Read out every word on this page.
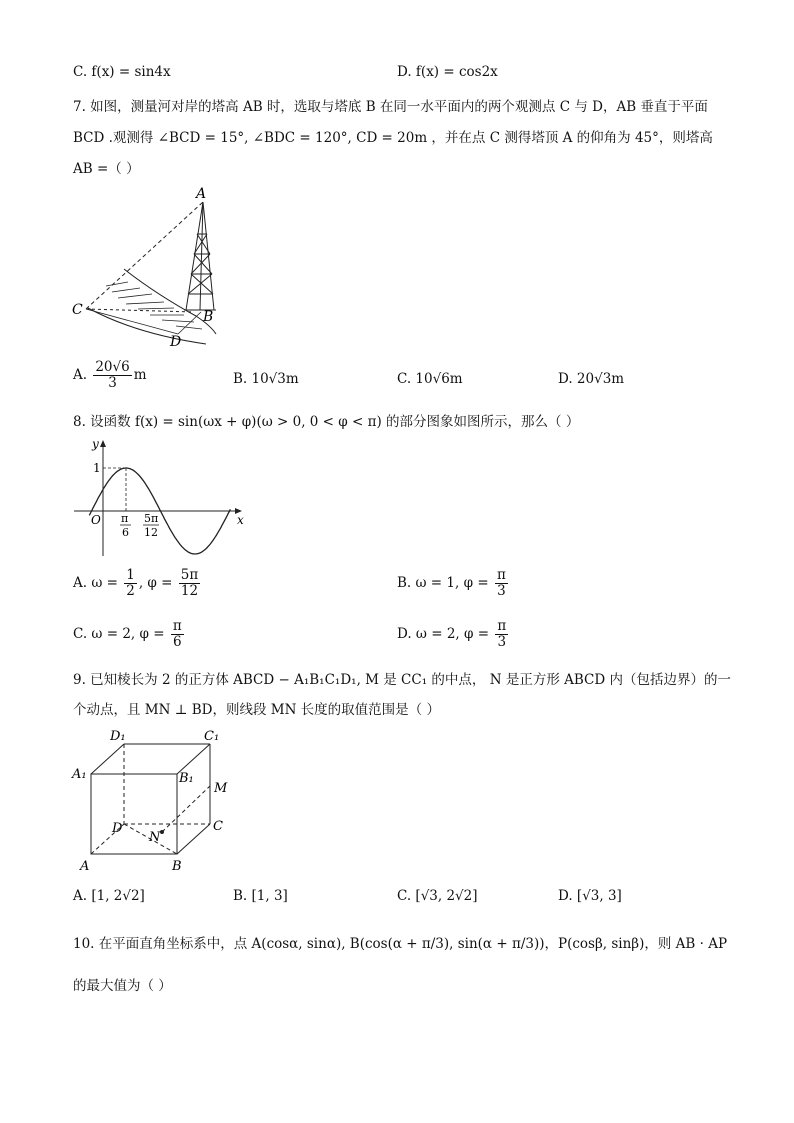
C. f(x) = sin4x	D. f(x) = cos2x
7. 如图，测量河对岸的塔高 AB 时，选取与塔底 B 在同一水平面内的两个观测点 C 与 D，AB 垂直于平面
BCD .观测得 ∠BCD = 15°, ∠BDC = 120°, CD = 20m ，并在点 C 测得塔顶 A 的仰角为 45°，则塔高
AB =（ ）
A
B
C
D
A. $\frac{20√6}{3}$ m	B. 10√3m	C. 10√6m	D. 20√3m
8. 设函数 f(x) = sin(ωx + φ)(ω > 0, 0 < φ < π) 的部分图象如图所示，那么（ ）
y
x
O
1
π
6
5π
12
A. $\omega = \frac{1}{2}$ , $\varphi = \frac{5\pi}{12}$	B. ω = 1, $\varphi = \frac{\pi}{3}$
C. ω = 2, $\varphi = \frac{\pi}{6}$	D. ω = 2, $\varphi = \frac{\pi}{3}$
9. 已知棱长为 2 的正方体 ABCD − A₁B₁C₁D₁, M 是 CC₁ 的中点， N 是正方形 ABCD 内（包括边界）的一
个动点，且 MN ⊥ BD，则线段 MN 长度的取值范围是（ ）
D₁	C₁
A₁	B₁
M
D	C
N
A	B
A. [1, 2√2]	B. [1, 3]	C. [√3, 2√2]	D. [√3, 3]
10. 在平面直角坐标系中，点 A(cosα, sinα), B(cos(α + π/3), sin(α + π/3))，P(cosβ, sinβ)，则 AB · AP
的最大值为（ ）
